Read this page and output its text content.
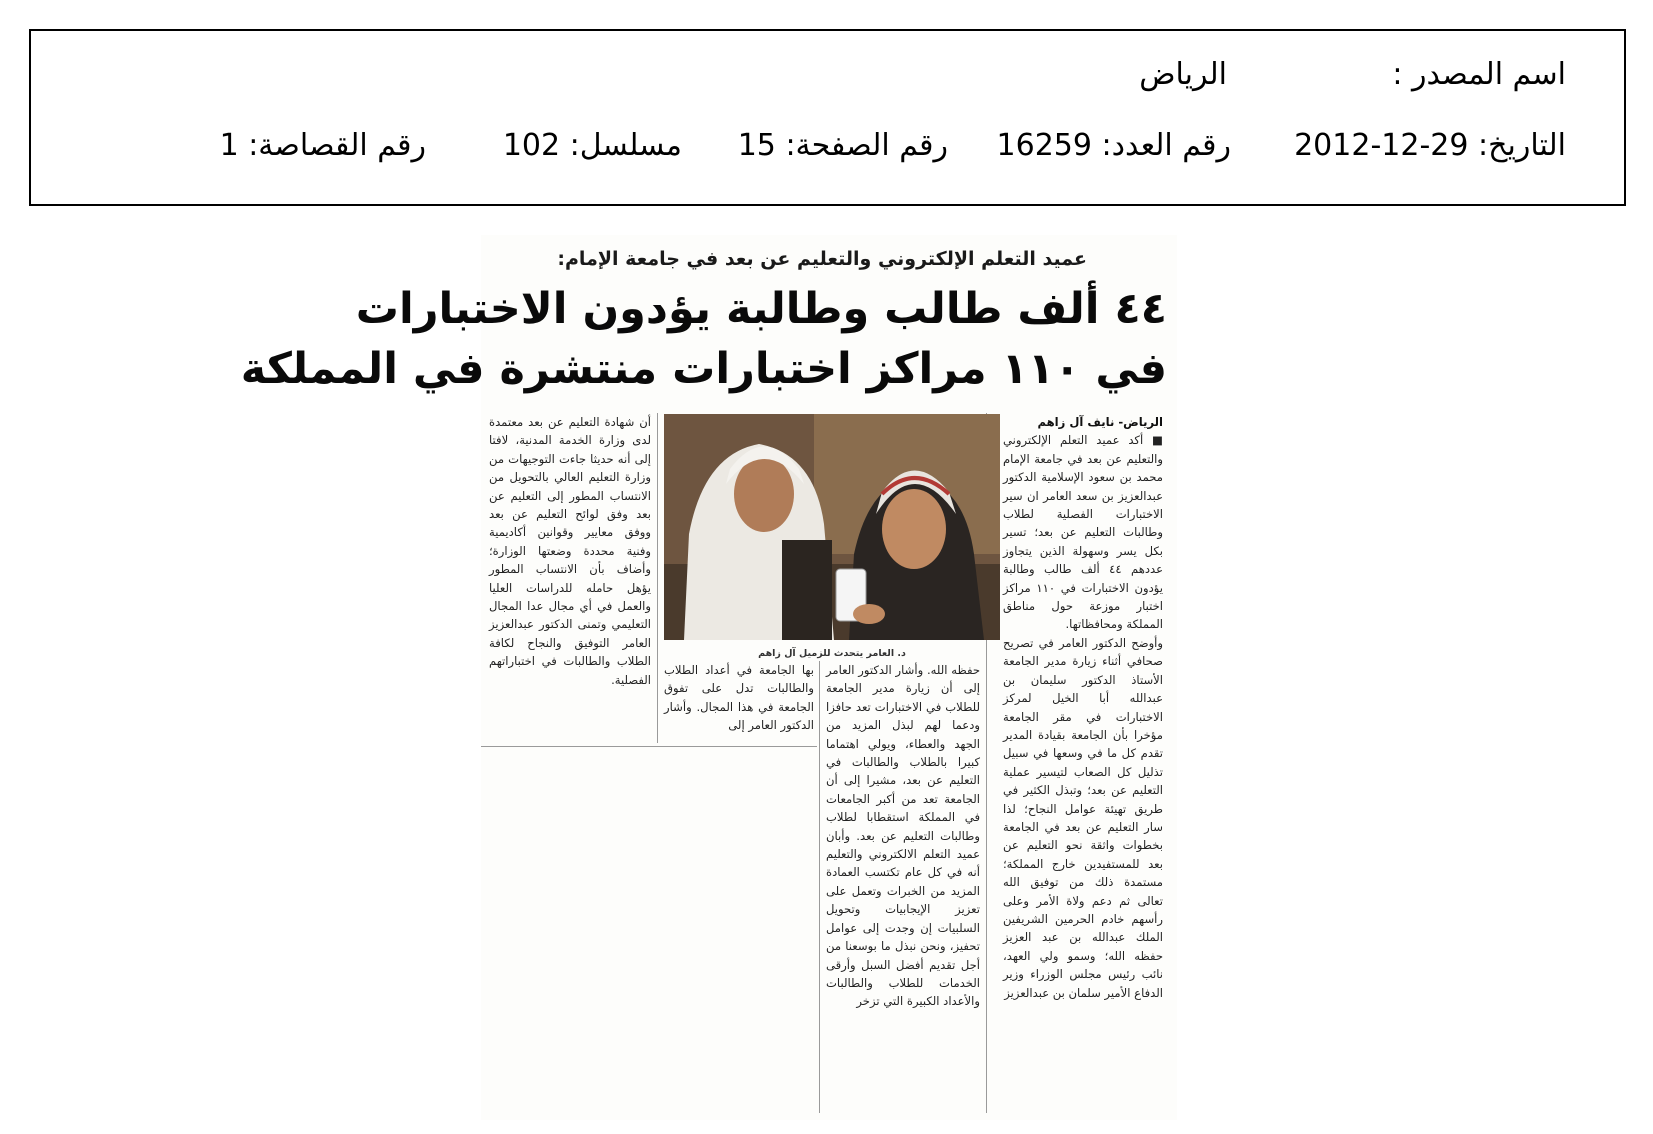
اسم المصدر :
الرياض
التاريخ: 29-12-2012
رقم العدد: 16259
رقم الصفحة: 15
مسلسل: 102
رقم القصاصة: 1
عميد التعلم الإلكتروني والتعليم عن بعد في جامعة الإمام:
٤٤ ألف طالب وطالبة يؤدون الاختبارات
في ١١٠ مراكز اختبارات منتشرة في المملكة

الرياض- نايف آل زاهم

■ أكد عميد التعلم الإلكتروني والتعليم عن بعد في جامعة الإمام محمد بن سعود الإسلامية الدكتور عبدالعزيز بن سعد العامر ان سير الاختبارات الفصلية لطلاب وطالبات التعليم عن بعد؛ تسير بكل يسر وسهولة الذين يتجاوز عددهم ٤٤ ألف طالب وطالبة يؤدون الاختبارات في ١١٠ مراكز اختبار موزعة حول مناطق المملكة ومحافظاتها.

وأوضح الدكتور العامر في تصريح صحافي أثناء زيارة مدير الجامعة الأستاذ الدكتور سليمان بن عبدالله أبا الخيل لمركز الاختبارات في مقر الجامعة مؤخرا بأن الجامعة بقيادة المدير تقدم كل ما في وسعها في سبيل تذليل كل الصعاب لتيسير عملية التعليم عن بعد؛ وتبذل الكثير في طريق تهيئة عوامل النجاح؛ لذا سار التعليم عن بعد في الجامعة بخطوات واثقة نحو التعليم عن بعد للمستفيدين خارج المملكة؛ مستمدة ذلك من توفيق الله تعالى ثم دعم ولاة الأمر وعلى رأسهم خادم الحرمين الشريفين الملك عبدالله بن عبد العزيز حفظه الله؛ وسمو ولي العهد، نائب رئيس مجلس الوزراء وزير الدفاع الأمير سلمان بن عبدالعزيز

د. العامر يتحدث للزميل آل زاهم

حفظه الله. وأشار الدكتور العامر إلى أن زيارة مدير الجامعة للطلاب في الاختبارات تعد حافزا ودعما لهم لبذل المزيد من الجهد والعطاء، ويولي اهتماما كبيرا بالطلاب والطالبات في التعليم عن بعد، مشيرا إلى أن الجامعة تعد من أكبر الجامعات في المملكة استقطابا لطلاب وطالبات التعليم عن بعد. وأبان عميد التعلم الالكتروني والتعليم أنه في كل عام تكتسب العمادة المزيد من الخبرات وتعمل على تعزيز الإيجابيات وتحويل السلبيات إن وجدت إلى عوامل تحفيز، ونحن نبذل ما بوسعنا من أجل تقديم أفضل السبل وأرقى الخدمات للطلاب والطالبات والأعداد الكبيرة التي تزخر

بها الجامعة في أعداد الطلاب والطالبات تدل على تفوق الجامعة في هذا المجال. وأشار الدكتور العامر إلى

أن شهادة التعليم عن بعد معتمدة لدى وزارة الخدمة المدنية، لافتا إلى أنه حديثا جاءت التوجيهات من وزارة التعليم العالي بالتحويل من الانتساب المطور إلى التعليم عن بعد وفق لوائح التعليم عن بعد ووفق معايير وقوانين أكاديمية وفنية محددة وضعتها الوزارة؛ وأضاف بأن الانتساب المطور يؤهل حامله للدراسات العليا والعمل في أي مجال عدا المجال التعليمي وتمنى الدكتور عبدالعزيز العامر التوفيق والنجاح لكافة الطلاب والطالبات في اختباراتهم الفصلية.
